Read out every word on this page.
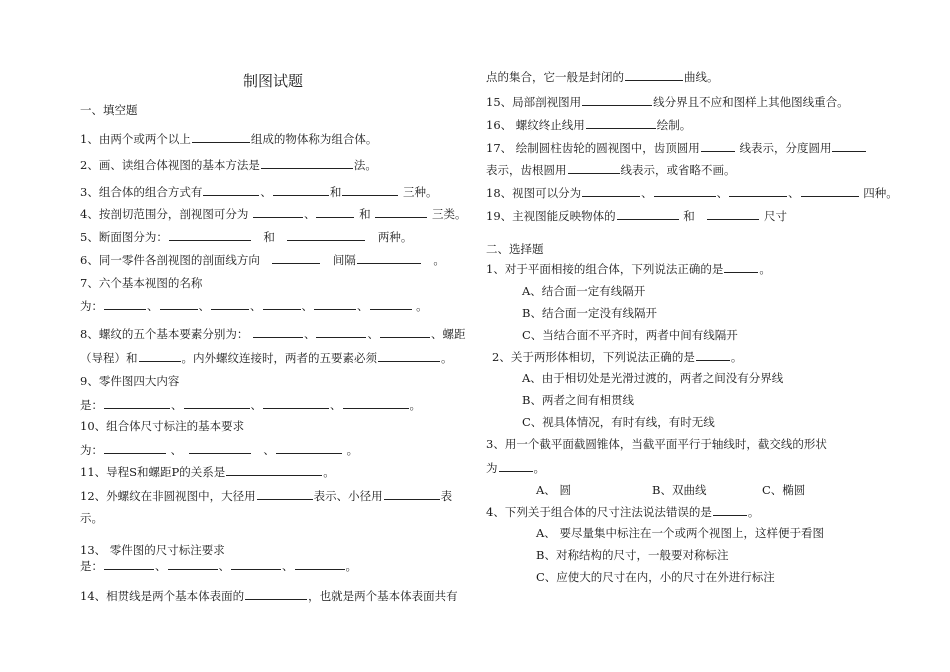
制图试题
一、填空题
1、由两个或两个以上	组成的物体称为组合体。
2、画、读组合体视图的基本方法是	法。
3、组合体的组合方式有	、	和	三种。
4、按剖切范围分，剖视图可分为	、	和	三类。
5、断面图分为：　	和　　	两种。
6、同一零件各剖视图的剖面线方向　　	间隔　	。
7、六个基本视图的名称
为：	、	、	、	、	、	。
8、螺纹的五个基本要素分别为：	、	、	、螺距
（导程）和	。内外螺纹连接时，两者的五要素必须	。
9、零件图四大内容
是：	、	、	、	。
10、组合体尺寸标注的基本要求
为：	、　　	、	。
11、导程S和螺距P的关系是	。
12、外螺纹在非圆视图中，大径用	表示、小径用	表
示。
13、 零件图的尺寸标注要求
是：	、	、	、	。
14、相贯线是两个基本体表面的	，也就是两个基本体表面共有
点的集合，它一般是封闭的	曲线。
15、局部剖视图用	线分界且不应和图样上其他图线重合。
16、 螺纹终止线用	绘制。
17、 绘制圆柱齿轮的圆视图中，齿顶圆用	线表示，分度圆用
表示，齿根圆用	线表示，或省略不画。
18、视图可以分为	、	、	、	四种。
19、主视图能反映物体的	和　	尺寸
二、选择题
1、对于平面相接的组合体，下列说法正确的是	。
A、结合面一定有线隔开
B、结合面一定没有线隔开
C、当结合面不平齐时，两者中间有线隔开
2、关于两形体相切，下列说法正确的是	。
A、由于相切处是光滑过渡的，两者之间没有分界线
B、两者之间有相贯线
C、视具体情况，有时有线，有时无线
3、用一个截平面截圆锥体，当截平面平行于轴线时，截交线的形状
为	。
A、 圆	B、双曲线	C、椭圆
4、下列关于组合体的尺寸注法说法错误的是	。
A、 要尽量集中标注在一个或两个视图上，这样便于看图
B、对称结构的尺寸，一般要对称标注
C、应使大的尺寸在内，小的尺寸在外进行标注
